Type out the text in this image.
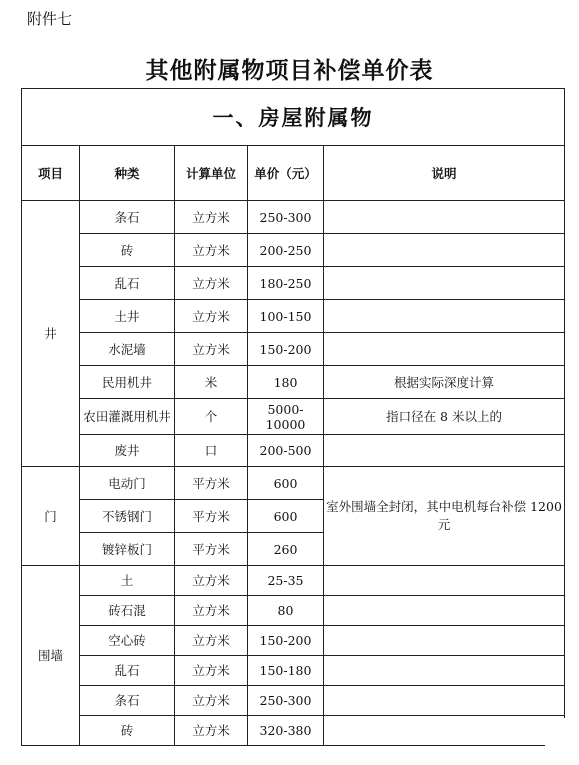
附件七
其他附属物项目补偿单价表
一、房屋附属物				
项目	种类	计算单位	单价（元）	说明
井	条石	立方米	250-300	
	砖	立方米	200-250	
	乱石	立方米	180-250	
	土井	立方米	100-150	
	水泥墙	立方米	150-200	
	民用机井	米	180	根据实际深度计算
	农田灌溉用机井	个	5000-10000	指口径在 8 米以上的
	废井	口	200-500	
门	电动门	平方米	600	室外围墙全封闭，其中电机每台补偿 1200 元
	不锈钢门	平方米	600	
	镀锌板门	平方米	260	
围墙	土	立方米	25-35	
	砖石混	立方米	80	
	空心砖	立方米	150-200	
	乱石	立方米	150-180	
	条石	立方米	250-300	
	砖	立方米	320-380	
